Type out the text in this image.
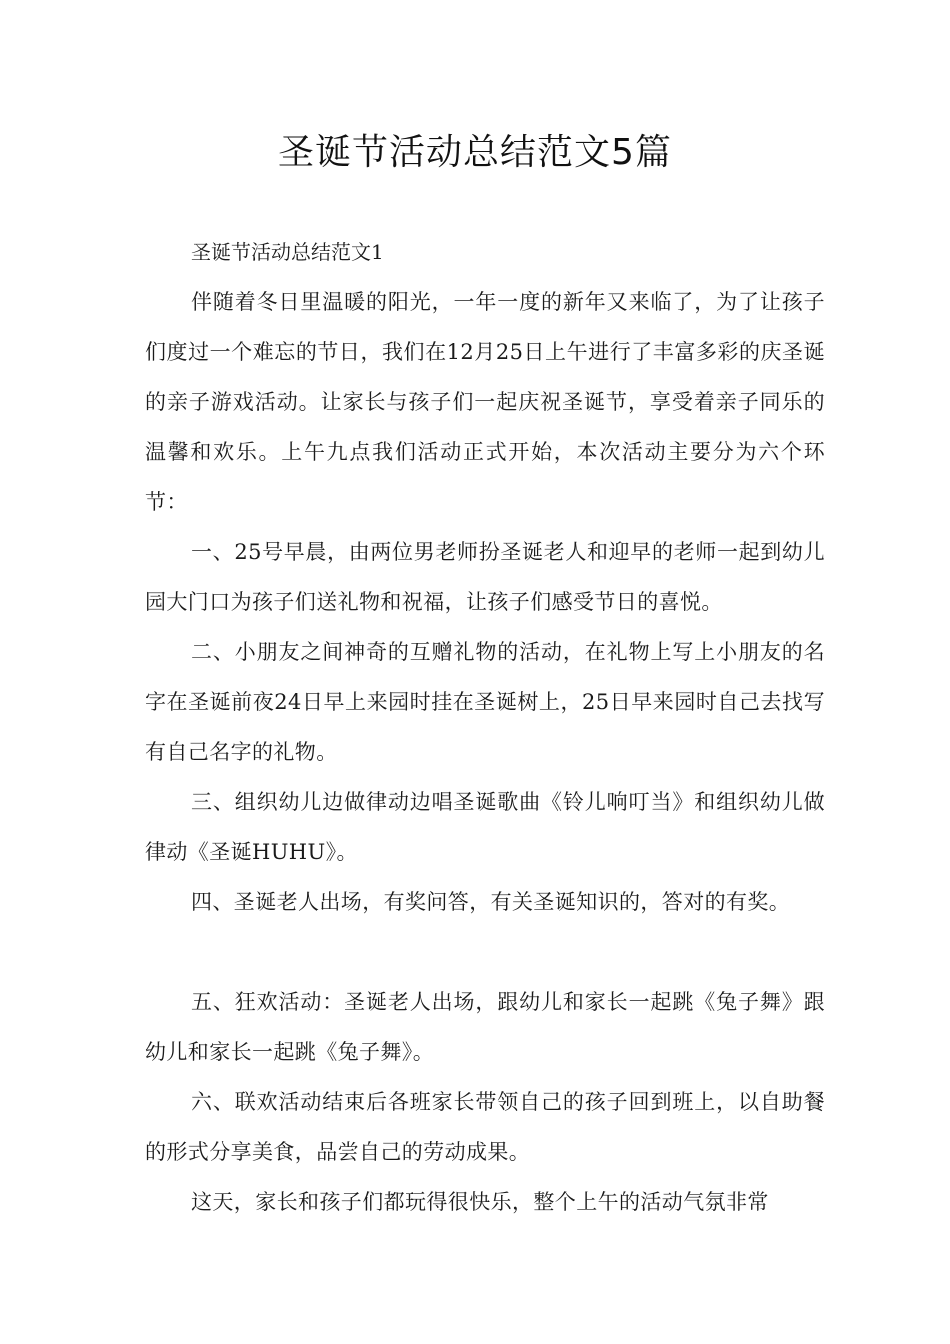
圣诞节活动总结范文5篇

圣诞节活动总结范文1

伴随着冬日里温暖的阳光，一年一度的新年又来临了，为了让孩子们度过一个难忘的节日，我们在12月25日上午进行了丰富多彩的庆圣诞的亲子游戏活动。让家长与孩子们一起庆祝圣诞节，享受着亲子同乐的温馨和欢乐。上午九点我们活动正式开始，本次活动主要分为六个环节：

一、25号早晨，由两位男老师扮圣诞老人和迎早的老师一起到幼儿园大门口为孩子们送礼物和祝福，让孩子们感受节日的喜悦。

二、小朋友之间神奇的互赠礼物的活动，在礼物上写上小朋友的名字在圣诞前夜24日早上来园时挂在圣诞树上，25日早来园时自己去找写有自己名字的礼物。

三、组织幼儿边做律动边唱圣诞歌曲《铃儿响叮当》和组织幼儿做律动《圣诞HUHU》。

四、圣诞老人出场，有奖问答，有关圣诞知识的，答对的有奖。

五、狂欢活动：圣诞老人出场，跟幼儿和家长一起跳《兔子舞》跟幼儿和家长一起跳《兔子舞》。

六、联欢活动结束后各班家长带领自己的孩子回到班上，以自助餐的形式分享美食，品尝自己的劳动成果。

这天，家长和孩子们都玩得很快乐，整个上午的活动气氛非常
